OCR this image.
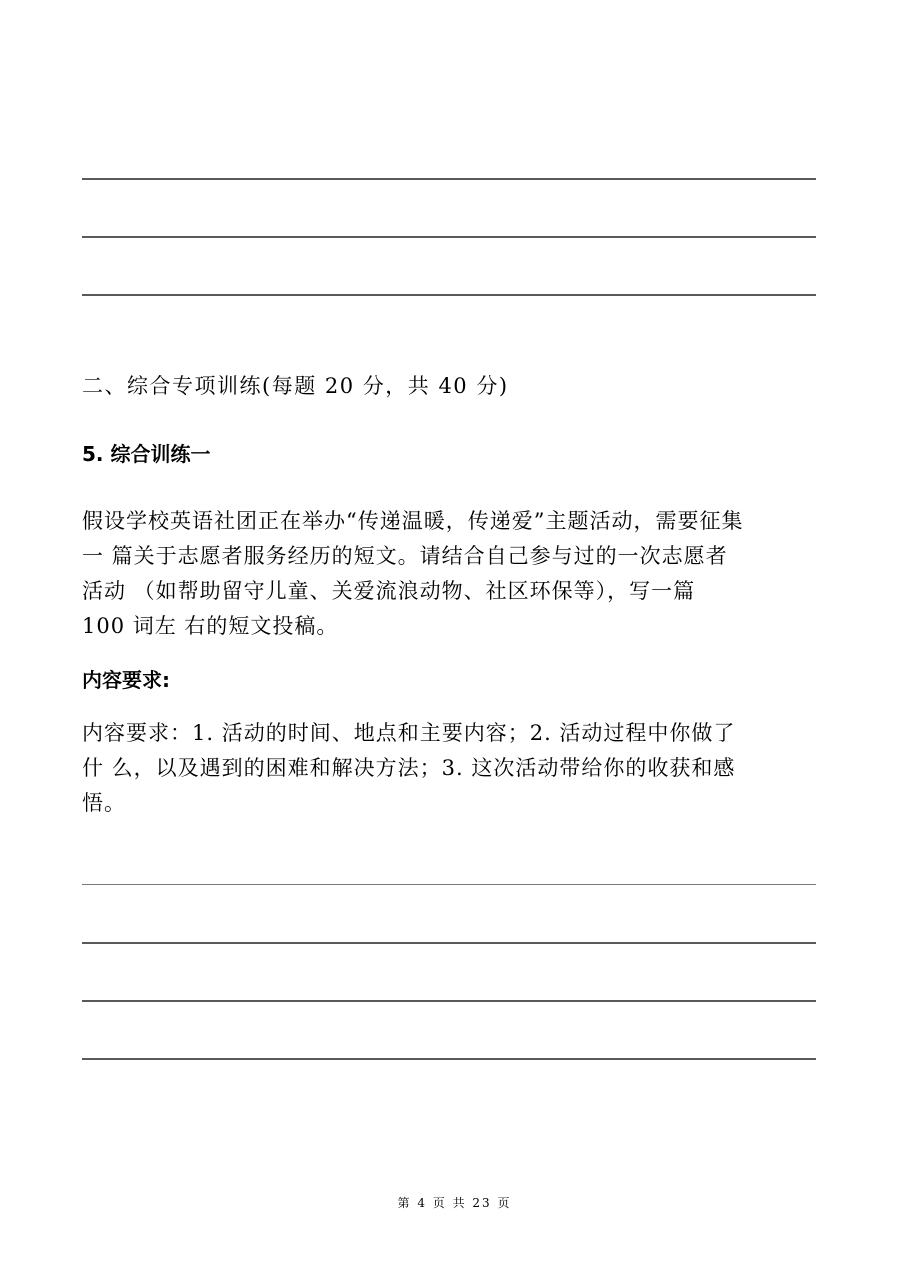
二、综合专项训练(每题 20 分，共 40 分)
5. 综合训练一
假设学校英语社团正在举办“传递温暖，传递爱”主题活动，需要征集
一 篇关于志愿者服务经历的短文。请结合自己参与过的一次志愿者
活动 （如帮助留守儿童、关爱流浪动物、社区环保等），写一篇
100 词左 右的短文投稿。
内容要求:
内容要求：1. 活动的时间、地点和主要内容；2. 活动过程中你做了
什 么，以及遇到的困难和解决方法；3. 这次活动带给你的收获和感
悟。
第 4 页 共 23 页
